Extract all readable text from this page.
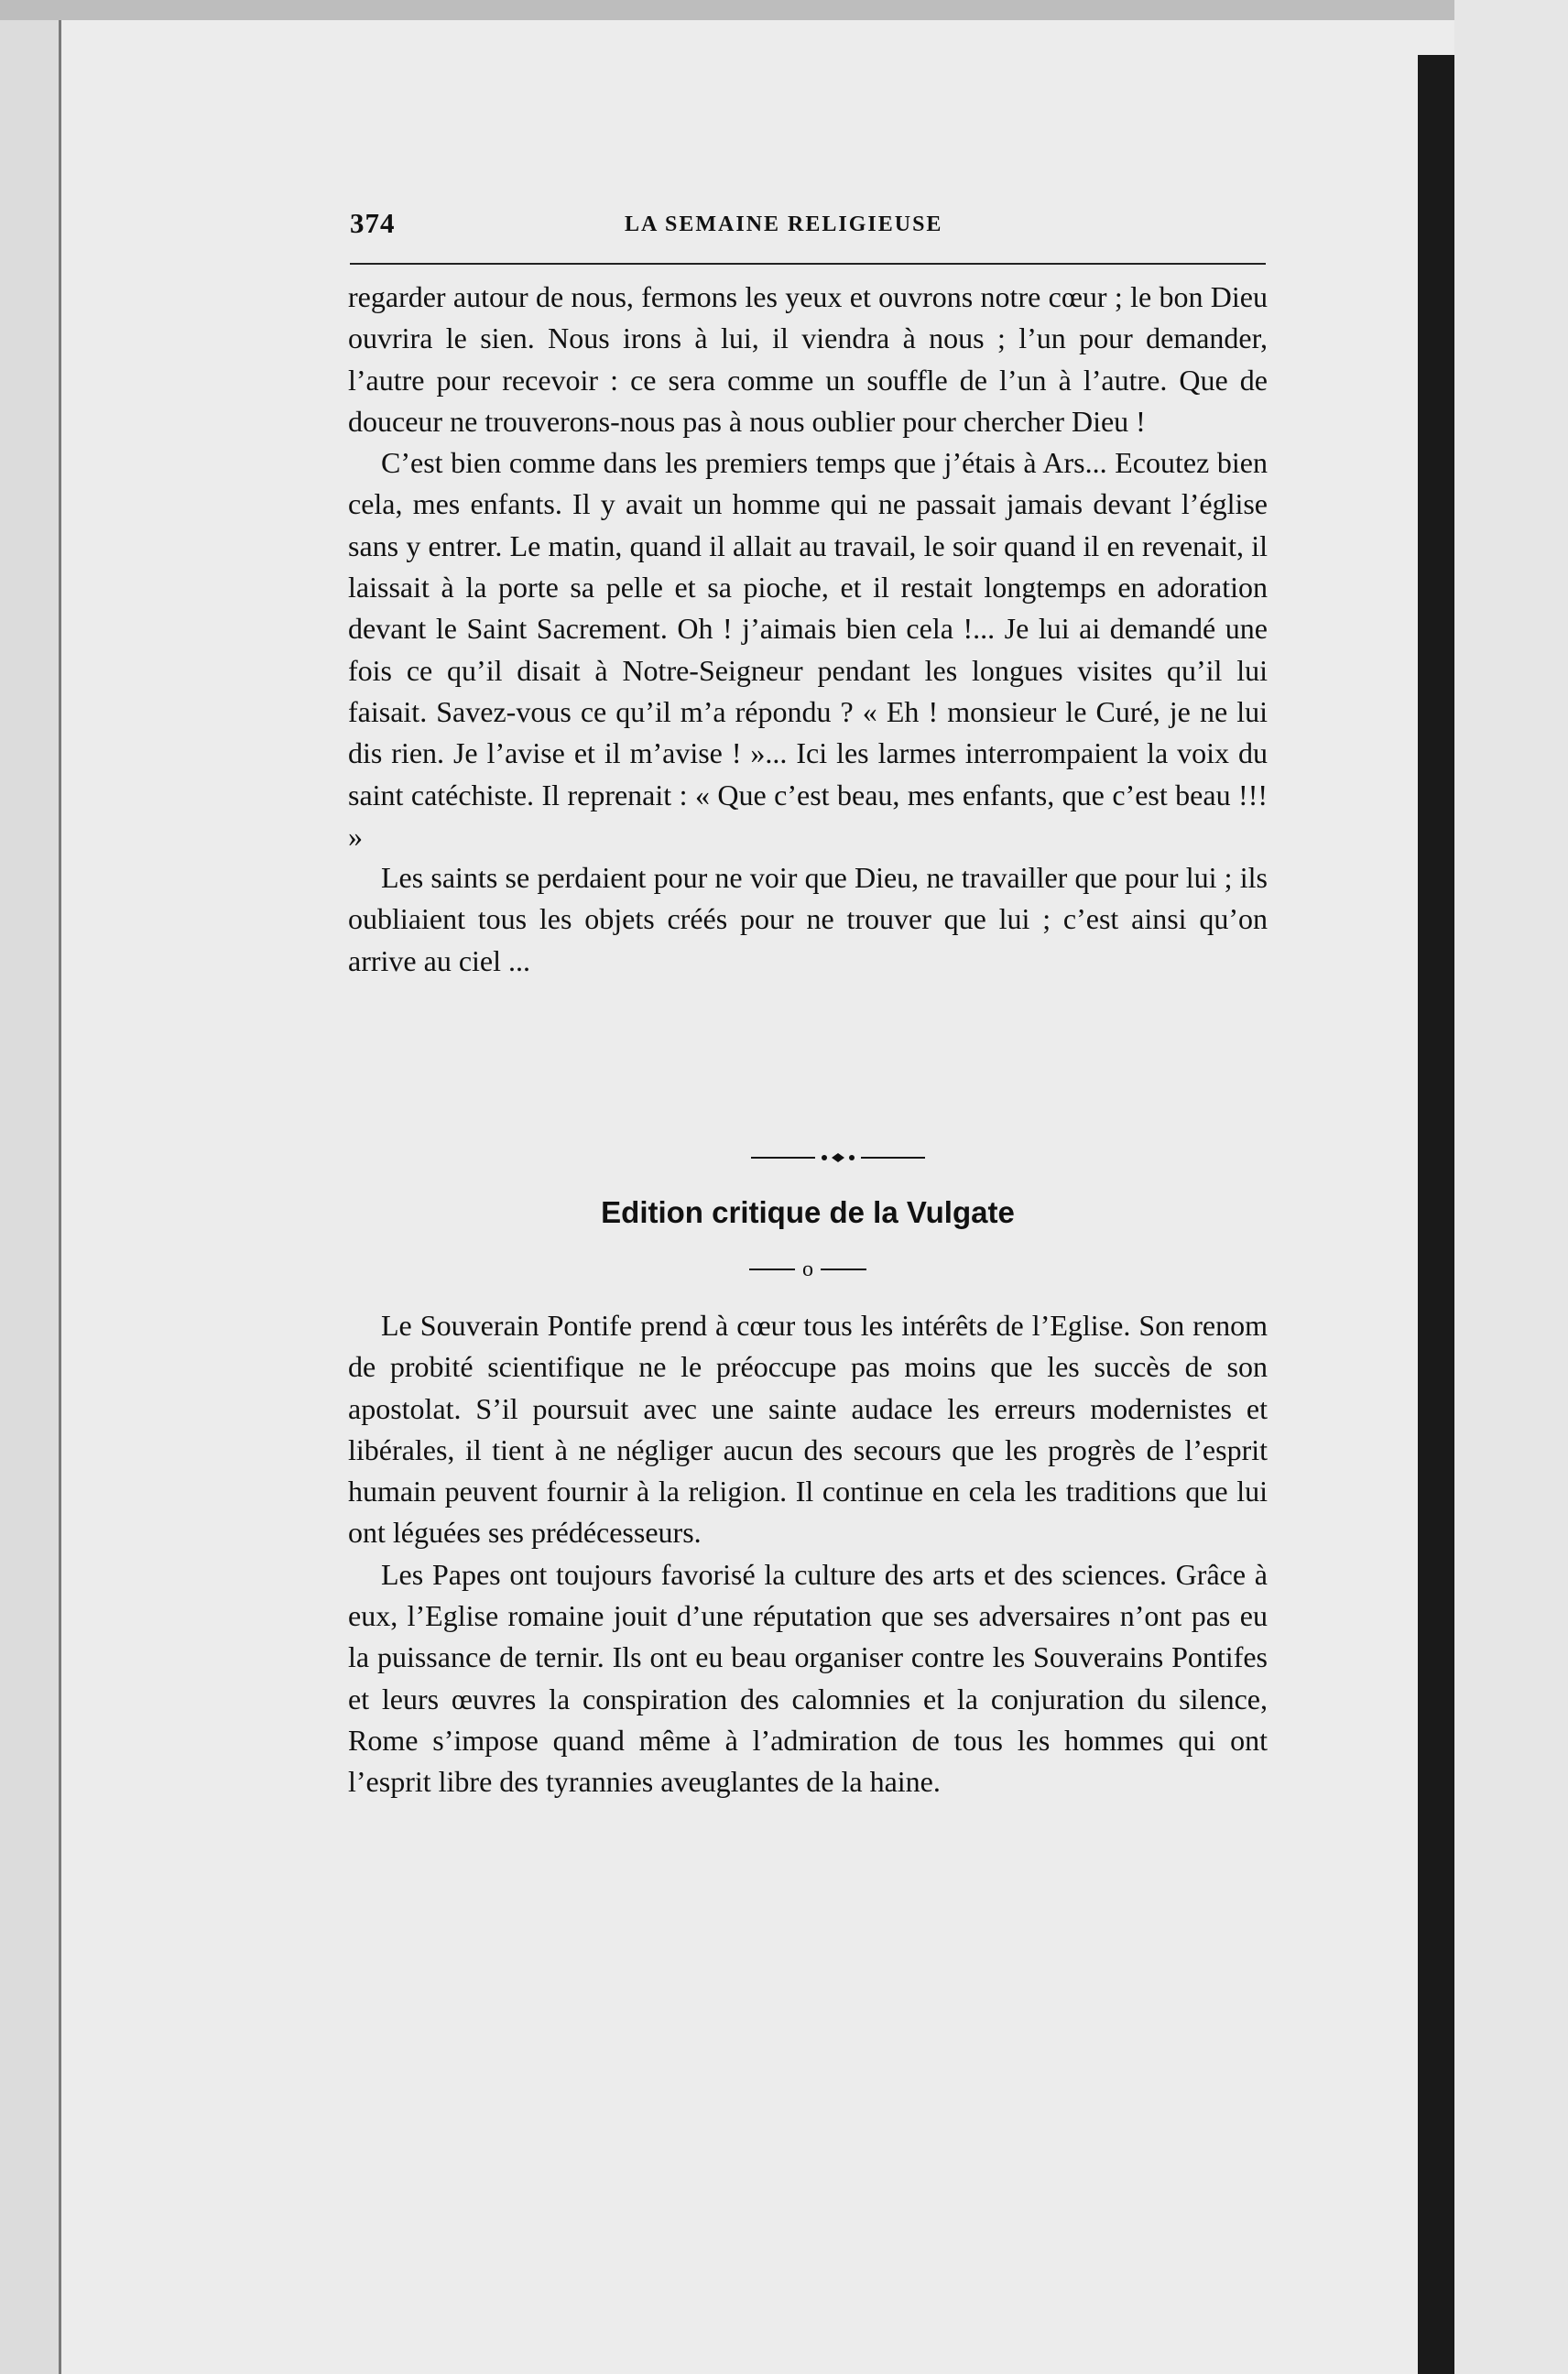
374	LA SEMAINE RELIGIEUSE

regarder autour de nous, fermons les yeux et ouvrons notre cœur ; le bon Dieu ouvrira le sien. Nous irons à lui, il viendra à nous ; l’un pour demander, l’autre pour recevoir : ce sera comme un souffle de l’un à l’autre. Que de douceur ne trouverons-nous pas à nous oublier pour chercher Dieu !

C’est bien comme dans les premiers temps que j’étais à Ars... Ecoutez bien cela, mes enfants. Il y avait un homme qui ne passait jamais devant l’église sans y entrer. Le matin, quand il allait au travail, le soir quand il en revenait, il laissait à la porte sa pelle et sa pioche, et il restait longtemps en adoration devant le Saint Sacrement. Oh ! j’aimais bien cela !... Je lui ai demandé une fois ce qu’il disait à Notre-Seigneur pendant les longues visites qu’il lui faisait. Savez-vous ce qu’il m’a répondu ? « Eh ! monsieur le Curé, je ne lui dis rien. Je l’avise et il m’avise ! »... Ici les larmes interrompaient la voix du saint catéchiste. Il reprenait : « Que c’est beau, mes enfants, que c’est beau !!! »

Les saints se perdaient pour ne voir que Dieu, ne travailler que pour lui ; ils oubliaient tous les objets créés pour ne trouver que lui ; c’est ainsi qu’on arrive au ciel ...

Edition critique de la Vulgate
o

Le Souverain Pontife prend à cœur tous les intérêts de l’Eglise. Son renom de probité scientifique ne le préoccupe pas moins que les succès de son apostolat. S’il poursuit avec une sainte audace les erreurs modernistes et libérales, il tient à ne négliger aucun des secours que les progrès de l’esprit humain peuvent fournir à la religion. Il continue en cela les traditions que lui ont léguées ses prédécesseurs.

Les Papes ont toujours favorisé la culture des arts et des sciences. Grâce à eux, l’Eglise romaine jouit d’une réputation que ses adversaires n’ont pas eu la puissance de ternir. Ils ont eu beau organiser contre les Souverains Pontifes et leurs œuvres la conspiration des calomnies et la conjuration du silence, Rome s’impose quand même à l’admiration de tous les hommes qui ont l’esprit libre des tyrannies aveuglantes de la haine.
